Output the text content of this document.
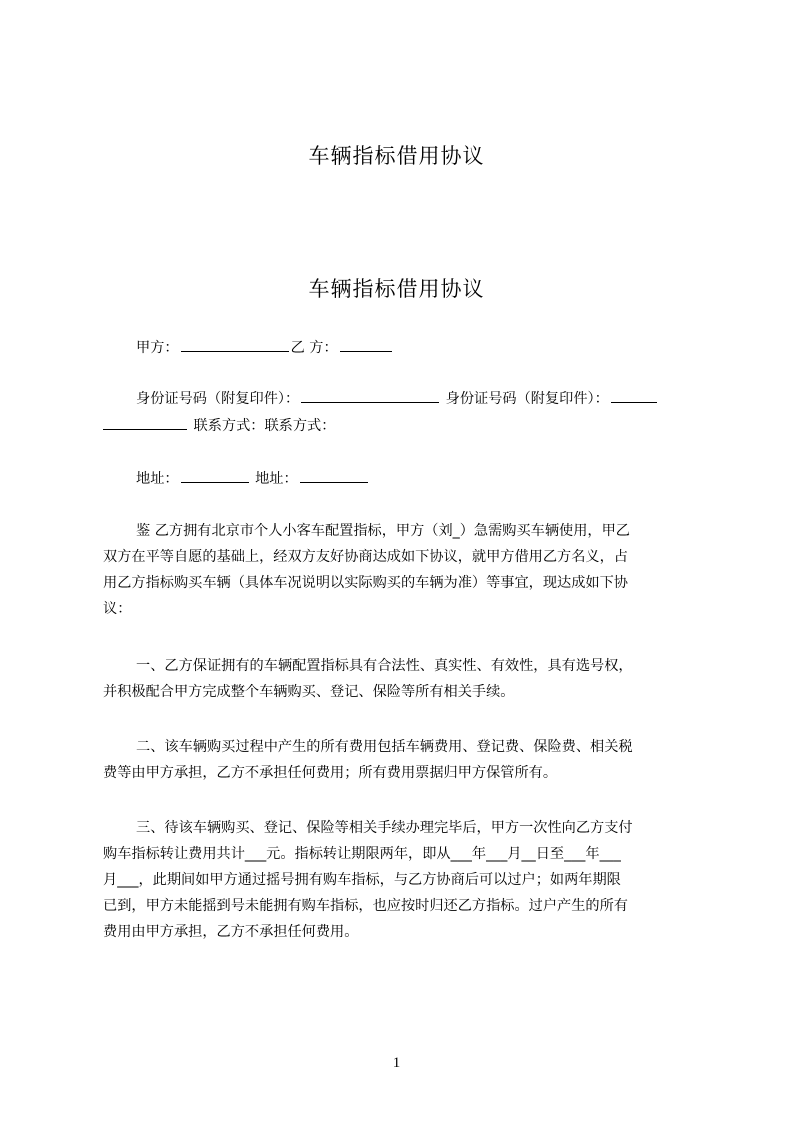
车辆指标借用协议
车辆指标借用协议
甲方：	乙 方：
身份证号码（附复印件）：	身份证号码（附复印件）：
联系方式：联系方式：
地址：	地址：
鉴 乙方拥有北京市个人小客车配置指标，甲方（刘_）急需购买车辆使用，甲乙
双方在平等自愿的基础上，经双方友好协商达成如下协议，就甲方借用乙方名义，占
用乙方指标购买车辆（具体车况说明以实际购买的车辆为准）等事宜，现达成如下协
议：
一、乙方保证拥有的车辆配置指标具有合法性、真实性、有效性，具有选号权，
并积极配合甲方完成整个车辆购买、登记、保险等所有相关手续。
二、该车辆购买过程中产生的所有费用包括车辆费用、登记费、保险费、相关税
费等由甲方承担，乙方不承担任何费用；所有费用票据归甲方保管所有。
三、待该车辆购买、登记、保险等相关手续办理完毕后，甲方一次性向乙方支付
购车指标转让费用共计___元。指标转让期限两年，即从___年___月__日至___年___
月___，此期间如甲方通过摇号拥有购车指标，与乙方协商后可以过户；如两年期限
已到，甲方未能摇到号未能拥有购车指标，也应按时归还乙方指标。过户产生的所有
费用由甲方承担，乙方不承担任何费用。
1
